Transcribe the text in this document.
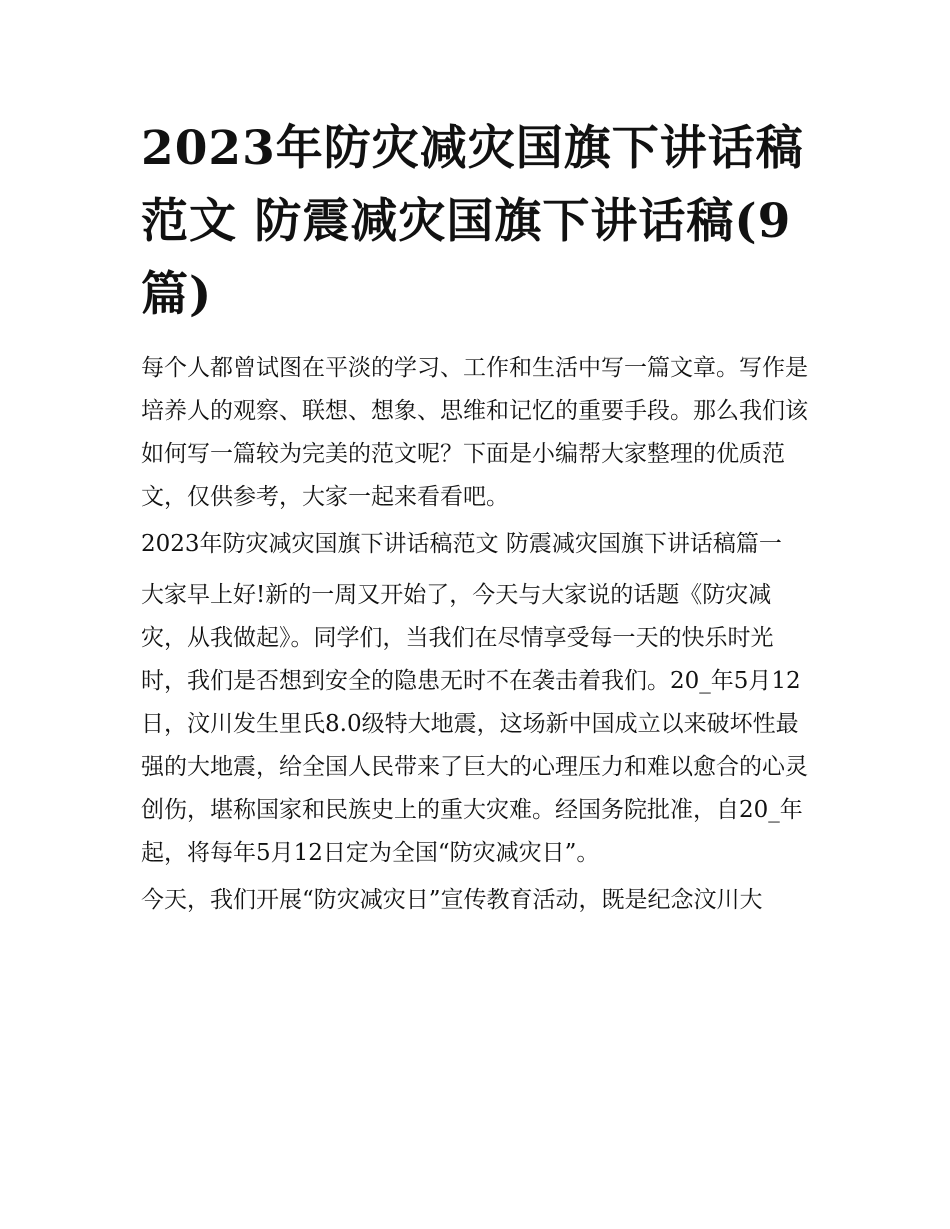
2023年防灾减灾国旗下讲话稿范文 防震减灾国旗下讲话稿(9篇)

每个人都曾试图在平淡的学习、工作和生活中写一篇文章。写作是培养人的观察、联想、想象、思维和记忆的重要手段。那么我们该如何写一篇较为完美的范文呢？下面是小编帮大家整理的优质范文，仅供参考，大家一起来看看吧。

2023年防灾减灾国旗下讲话稿范文 防震减灾国旗下讲话稿篇一

大家早上好!新的一周又开始了，今天与大家说的话题《防灾减灾，从我做起》。同学们，当我们在尽情享受每一天的快乐时光时，我们是否想到安全的隐患无时不在袭击着我们。20_年5月12日，汶川发生里氏8.0级特大地震，这场新中国成立以来破坏性最强的大地震，给全国人民带来了巨大的心理压力和难以愈合的心灵创伤，堪称国家和民族史上的重大灾难。经国务院批准，自20_年起，将每年5月12日定为全国“防灾减灾日”。

今天，我们开展“防灾减灾日”宣传教育活动，既是纪念汶川大
